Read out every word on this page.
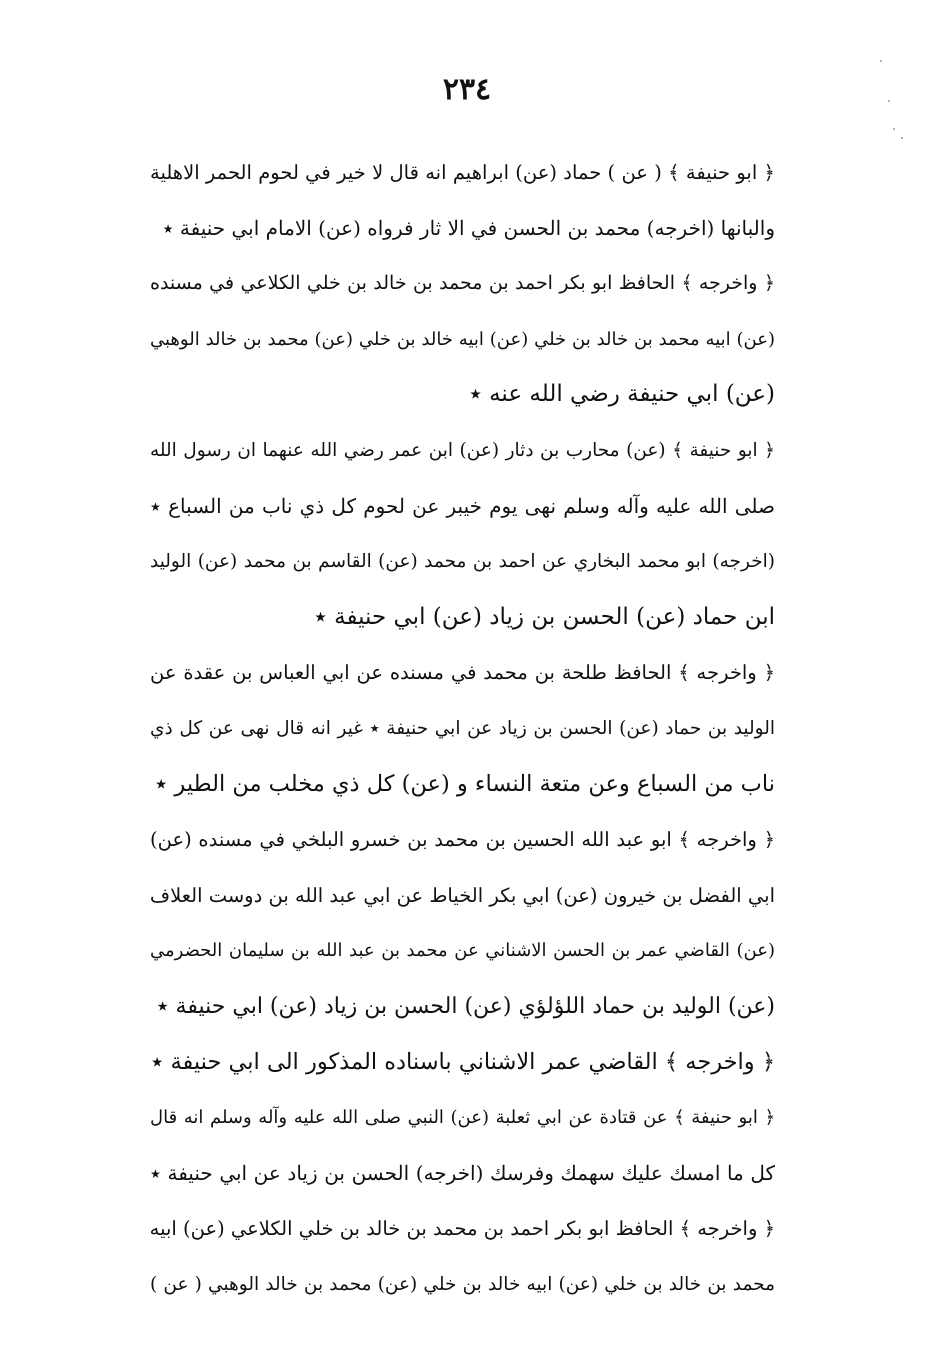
٢٣٤
﴿ ابو حنيفة ﴾ ( عن ) حماد (عن) ابراهيم انه قال لا خير في لحوم الحمر الاهلية
والبانها (اخرجه) محمد بن الحسن في الا ثار فرواه (عن) الامام ابي حنيفة ٭
﴿ واخرجه ﴾ الحافظ ابو بكر احمد بن محمد بن خالد بن خلي الكلاعي في مسنده
(عن) ابيه محمد بن خالد بن خلي (عن) ابيه خالد بن خلي (عن) محمد بن خالد الوهبي
(عن) ابي حنيفة رضي الله عنه ٭
﴿ ابو حنيفة ﴾ (عن) محارب بن دثار (عن) ابن عمر رضي الله عنهما ان رسول الله
صلى الله عليه وآله وسلم نهى يوم خيبر عن لحوم كل ذي ناب من السباع ٭
(اخرجه) ابو محمد البخاري عن احمد بن محمد (عن) القاسم بن محمد (عن) الوليد
ابن حماد (عن) الحسن بن زياد (عن) ابي حنيفة ٭
﴿ واخرجه ﴾ الحافظ طلحة بن محمد في مسنده عن ابي العباس بن عقدة عن
الوليد بن حماد (عن) الحسن بن زياد عن ابي حنيفة ٭ غير انه قال نهى عن كل ذي
ناب من السباع وعن متعة النساء و (عن) كل ذي مخلب من الطير ٭
﴿ واخرجه ﴾ ابو عبد الله الحسين بن محمد بن خسرو البلخي في مسنده (عن)
ابي الفضل بن خيرون (عن) ابي بكر الخياط عن ابي عبد الله بن دوست العلاف
(عن) القاضي عمر بن الحسن الاشناني عن محمد بن عبد الله بن سليمان الحضرمي
(عن) الوليد بن حماد اللؤلؤي (عن) الحسن بن زياد (عن) ابي حنيفة ٭
﴿ واخرجه ﴾ القاضي عمر الاشناني باسناده المذكور الى ابي حنيفة ٭
﴿ ابو حنيفة ﴾ عن قتادة عن ابي ثعلبة (عن) النبي صلى الله عليه وآله وسلم انه قال
كل ما امسك عليك سهمك وفرسك (اخرجه) الحسن بن زياد عن ابي حنيفة ٭
﴿ واخرجه ﴾ الحافظ ابو بكر احمد بن محمد بن خالد بن خلي الكلاعي (عن) ابيه
محمد بن خالد بن خلي (عن) ابيه خالد بن خلي (عن) محمد بن خالد الوهبي ( عن )
